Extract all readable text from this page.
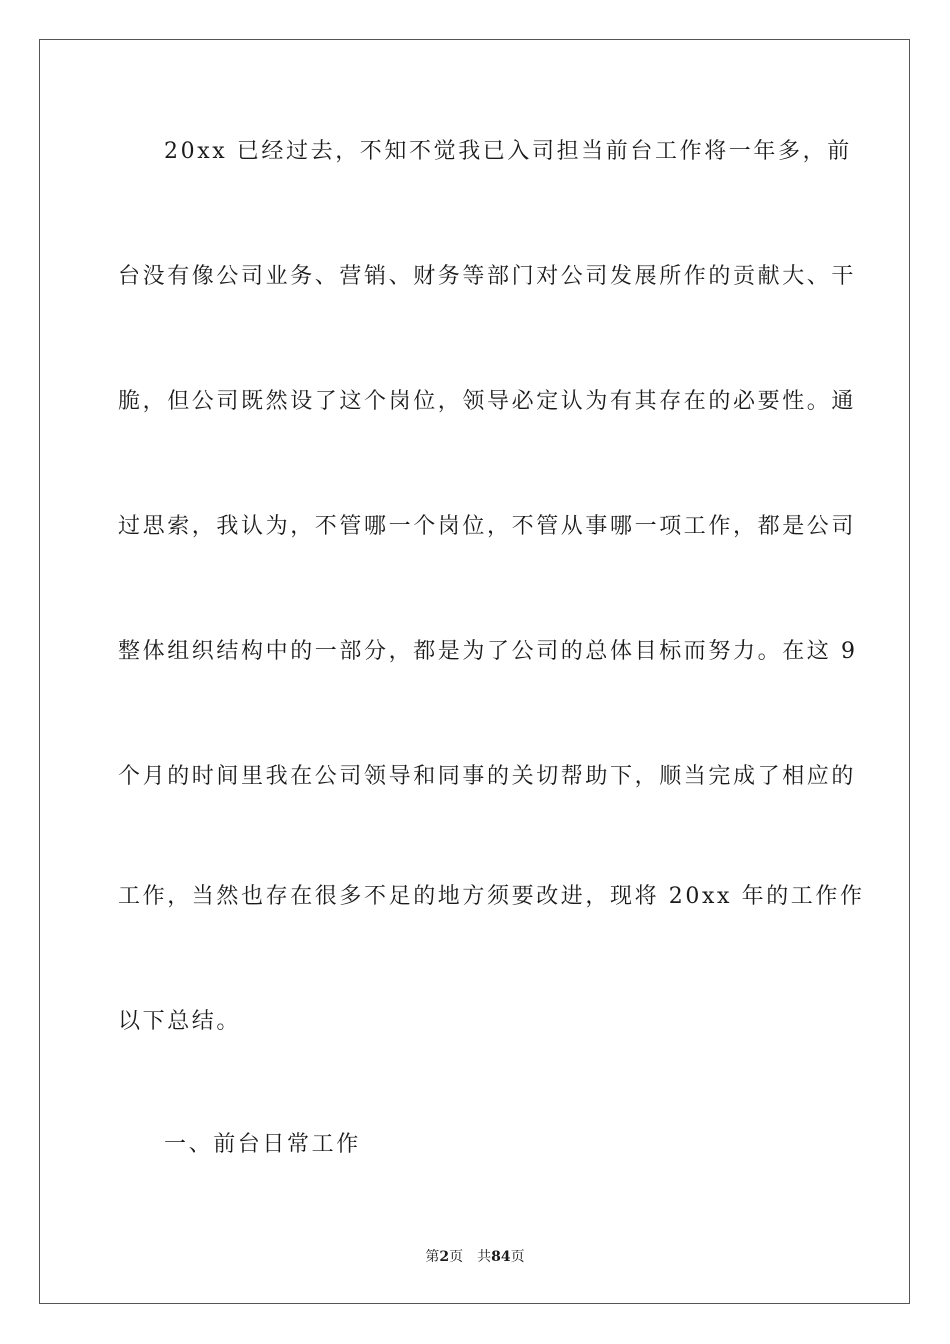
20xx 已经过去，不知不觉我已入司担当前台工作将一年多，前
台没有像公司业务、营销、财务等部门对公司发展所作的贡献大、干
脆，但公司既然设了这个岗位，领导必定认为有其存在的必要性。通
过思索，我认为，不管哪一个岗位，不管从事哪一项工作，都是公司
整体组织结构中的一部分，都是为了公司的总体目标而努力。在这 9
个月的时间里我在公司领导和同事的关切帮助下，顺当完成了相应的
工作，当然也存在很多不足的地方须要改进，现将 20xx 年的工作作
以下总结。
一、前台日常工作
第2页 共84页
